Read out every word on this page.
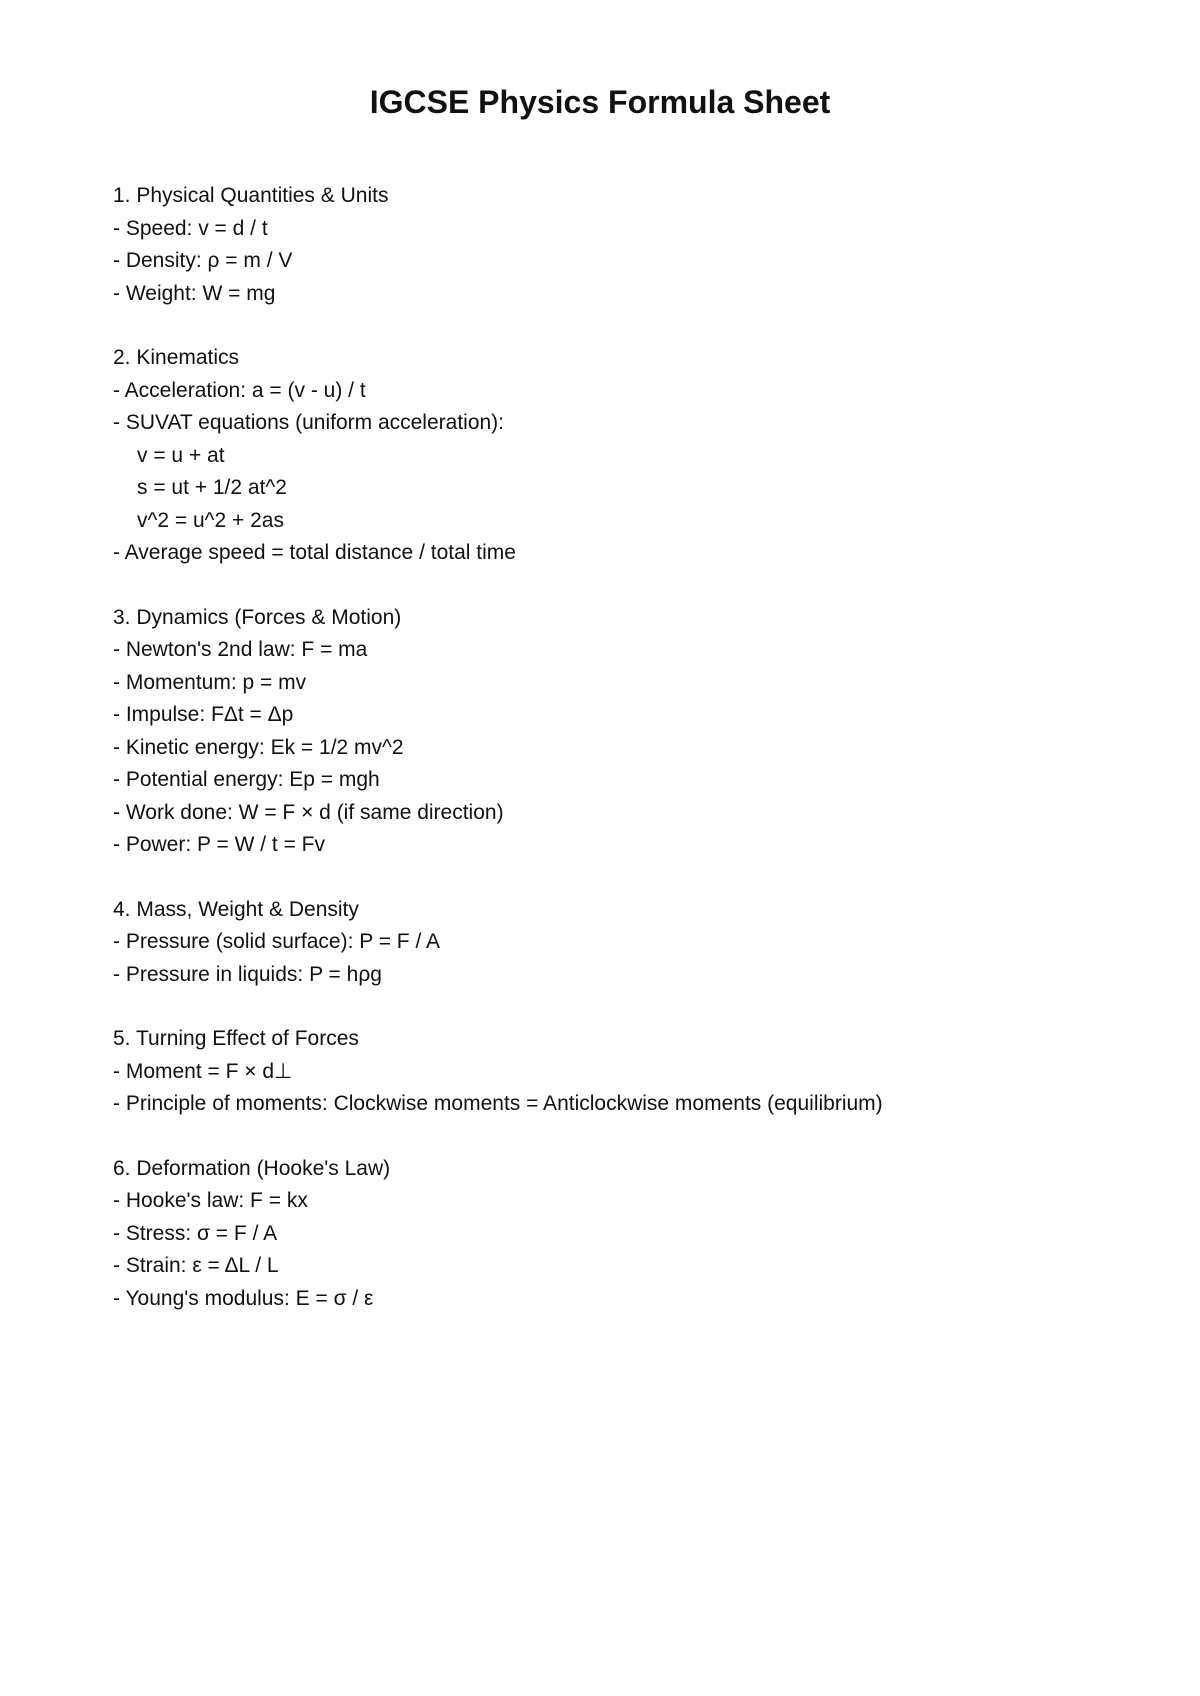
IGCSE Physics Formula Sheet

1. Physical Quantities & Units

- Speed: v = d / t

- Density: ρ = m / V

- Weight: W = mg

2. Kinematics

- Acceleration: a = (v - u) / t

- SUVAT equations (uniform acceleration):

v = u + at

s = ut + 1/2 at^2

v^2 = u^2 + 2as

- Average speed = total distance / total time

3. Dynamics (Forces & Motion)

- Newton's 2nd law: F = ma

- Momentum: p = mv

- Impulse: FΔt = Δp

- Kinetic energy: Ek = 1/2 mv^2

- Potential energy: Ep = mgh

- Work done: W = F × d (if same direction)

- Power: P = W / t = Fv

4. Mass, Weight & Density

- Pressure (solid surface): P = F / A

- Pressure in liquids: P = hρg

5. Turning Effect of Forces

- Moment = F × d⊥

- Principle of moments: Clockwise moments = Anticlockwise moments (equilibrium)

6. Deformation (Hooke's Law)

- Hooke's law: F = kx

- Stress: σ = F / A

- Strain: ε = ΔL / L

- Young's modulus: E = σ / ε
